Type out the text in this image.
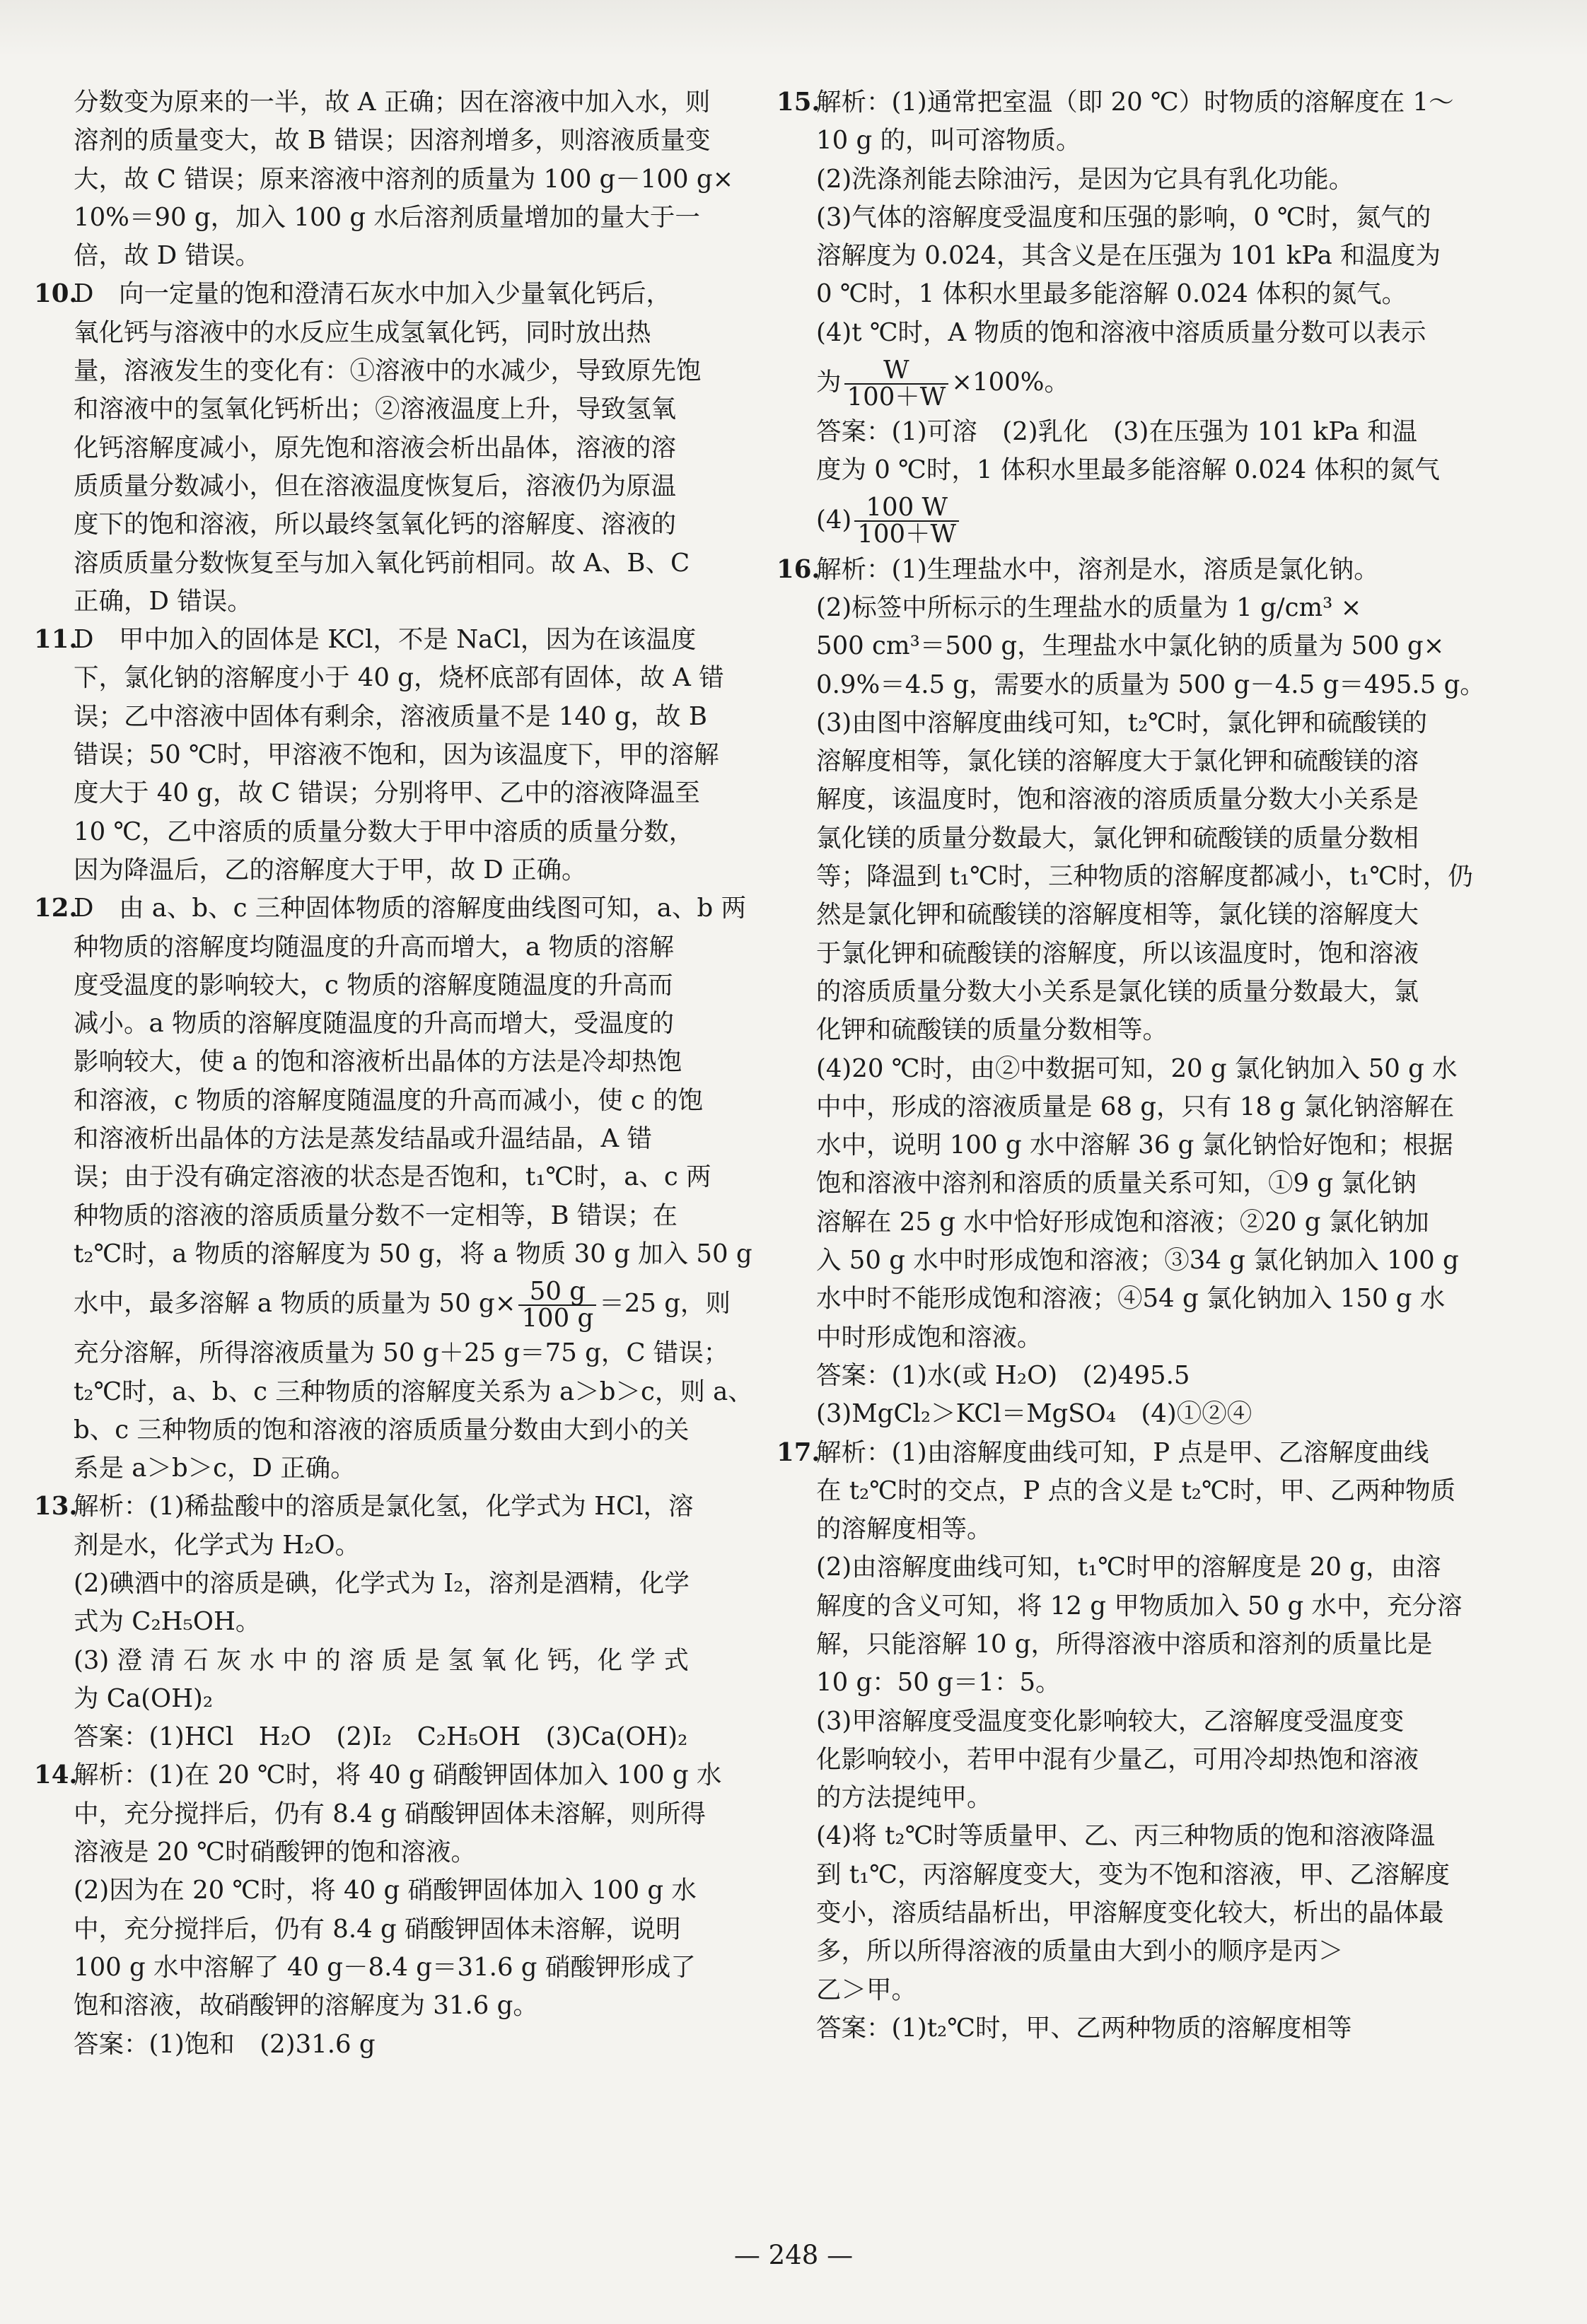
分数变为原来的一半，故 A 正确；因在溶液中加入水，则
溶剂的质量变大，故 B 错误；因溶剂增多，则溶液质量变
大，故 C 错误；原来溶液中溶剂的质量为 100 g－100 g×
10%＝90 g，加入 100 g 水后溶剂质量增加的量大于一
倍，故 D 错误。
10.
D　向一定量的饱和澄清石灰水中加入少量氧化钙后，
氧化钙与溶液中的水反应生成氢氧化钙，同时放出热
量，溶液发生的变化有：①溶液中的水减少，导致原先饱
和溶液中的氢氧化钙析出；②溶液温度上升，导致氢氧
化钙溶解度减小，原先饱和溶液会析出晶体，溶液的溶
质质量分数减小，但在溶液温度恢复后，溶液仍为原温
度下的饱和溶液，所以最终氢氧化钙的溶解度、溶液的
溶质质量分数恢复至与加入氧化钙前相同。故 A、B、C
正确，D 错误。
11.
D　甲中加入的固体是 KCl，不是 NaCl，因为在该温度
下，氯化钠的溶解度小于 40 g，烧杯底部有固体，故 A 错
误；乙中溶液中固体有剩余，溶液质量不是 140 g，故 B
错误；50 ℃时，甲溶液不饱和，因为该温度下，甲的溶解
度大于 40 g，故 C 错误；分别将甲、乙中的溶液降温至
10 ℃，乙中溶质的质量分数大于甲中溶质的质量分数，
因为降温后，乙的溶解度大于甲，故 D 正确。
12.
D　由 a、b、c 三种固体物质的溶解度曲线图可知，a、b 两
种物质的溶解度均随温度的升高而增大，a 物质的溶解
度受温度的影响较大，c 物质的溶解度随温度的升高而
减小。a 物质的溶解度随温度的升高而增大，受温度的
影响较大，使 a 的饱和溶液析出晶体的方法是冷却热饱
和溶液，c 物质的溶解度随温度的升高而减小，使 c 的饱
和溶液析出晶体的方法是蒸发结晶或升温结晶，A 错
误；由于没有确定溶液的状态是否饱和，t₁℃时，a、c 两
种物质的溶液的溶质质量分数不一定相等，B 错误；在
t₂℃时，a 物质的溶解度为 50 g，将 a 物质 30 g 加入 50 g
水中，最多溶解 a 物质的质量为 50 $g\times \frac{50 g}{100 g} =25$ g，则
充分溶解，所得溶液质量为 50 g＋25 g＝75 g，C 错误；
t₂℃时，a、b、c 三种物质的溶解度关系为 a＞b＞c，则 a、
b、c 三种物质的饱和溶液的溶质质量分数由大到小的关
系是 a＞b＞c，D 正确。
13.
解析：(1)稀盐酸中的溶质是氯化氢，化学式为 HCl，溶
剂是水，化学式为 H₂O。
(2)碘酒中的溶质是碘，化学式为 I₂，溶剂是酒精，化学
式为 C₂H₅OH。
(3) 澄 清 石 灰 水 中 的 溶 质 是 氢 氧 化 钙，化 学 式
为 Ca(OH)₂
答案：(1)HCl　H₂O　(2)I₂　C₂H₅OH　(3)Ca(OH)₂
14.
解析：(1)在 20 ℃时，将 40 g 硝酸钾固体加入 100 g 水
中，充分搅拌后，仍有 8.4 g 硝酸钾固体未溶解，则所得
溶液是 20 ℃时硝酸钾的饱和溶液。
(2)因为在 20 ℃时，将 40 g 硝酸钾固体加入 100 g 水
中，充分搅拌后，仍有 8.4 g 硝酸钾固体未溶解，说明
100 g 水中溶解了 40 g－8.4 g＝31.6 g 硝酸钾形成了
饱和溶液，故硝酸钾的溶解度为 31.6 g。
答案：(1)饱和　(2)31.6 g
15.
解析：(1)通常把室温（即 20 ℃）时物质的溶解度在 1～
10 g 的，叫可溶物质。
(2)洗涤剂能去除油污，是因为它具有乳化功能。
(3)气体的溶解度受温度和压强的影响，0 ℃时，氮气的
溶解度为 0.024，其含义是在压强为 101 kPa 和温度为
0 ℃时，1 体积水里最多能溶解 0.024 体积的氮气。
(4)t ℃时，A 物质的饱和溶液中溶质质量分数可以表示
为 $\frac{W}{100+W} \times 100\%$。
答案：(1)可溶　(2)乳化　(3)在压强为 101 kPa 和温
度为 0 ℃时，1 体积水里最多能溶解 0.024 体积的氮气
$(4) \frac{100 W}{100+W}$
16.
解析：(1)生理盐水中，溶剂是水，溶质是氯化钠。
(2)标签中所标示的生理盐水的质量为 1 g/cm³ ×
500 cm³＝500 g，生理盐水中氯化钠的质量为 500 g×
0.9%＝4.5 g，需要水的质量为 500 g－4.5 g＝495.5 g。
(3)由图中溶解度曲线可知，t₂℃时，氯化钾和硫酸镁的
溶解度相等，氯化镁的溶解度大于氯化钾和硫酸镁的溶
解度，该温度时，饱和溶液的溶质质量分数大小关系是
氯化镁的质量分数最大，氯化钾和硫酸镁的质量分数相
等；降温到 t₁℃时，三种物质的溶解度都减小，t₁℃时，仍
然是氯化钾和硫酸镁的溶解度相等，氯化镁的溶解度大
于氯化钾和硫酸镁的溶解度，所以该温度时，饱和溶液
的溶质质量分数大小关系是氯化镁的质量分数最大，氯
化钾和硫酸镁的质量分数相等。
(4)20 ℃时，由②中数据可知，20 g 氯化钠加入 50 g 水
中中，形成的溶液质量是 68 g，只有 18 g 氯化钠溶解在
水中，说明 100 g 水中溶解 36 g 氯化钠恰好饱和；根据
饱和溶液中溶剂和溶质的质量关系可知，①9 g 氯化钠
溶解在 25 g 水中恰好形成饱和溶液；②20 g 氯化钠加
入 50 g 水中时形成饱和溶液；③34 g 氯化钠加入 100 g
水中时不能形成饱和溶液；④54 g 氯化钠加入 150 g 水
中时形成饱和溶液。
答案：(1)水(或 H₂O)　(2)495.5
(3)MgCl₂＞KCl＝MgSO₄　(4)①②④
17.
解析：(1)由溶解度曲线可知，P 点是甲、乙溶解度曲线
在 t₂℃时的交点，P 点的含义是 t₂℃时，甲、乙两种物质
的溶解度相等。
(2)由溶解度曲线可知，t₁℃时甲的溶解度是 20 g，由溶
解度的含义可知，将 12 g 甲物质加入 50 g 水中，充分溶
解，只能溶解 10 g，所得溶液中溶质和溶剂的质量比是
10 g：50 g＝1：5。
(3)甲溶解度受温度变化影响较大，乙溶解度受温度变
化影响较小，若甲中混有少量乙，可用冷却热饱和溶液
的方法提纯甲。
(4)将 t₂℃时等质量甲、乙、丙三种物质的饱和溶液降温
到 t₁℃，丙溶解度变大，变为不饱和溶液，甲、乙溶解度
变小，溶质结晶析出，甲溶解度变化较大，析出的晶体最
多，所以所得溶液的质量由大到小的顺序是丙＞
乙＞甲。
答案：(1)t₂℃时，甲、乙两种物质的溶解度相等
— 248 —
